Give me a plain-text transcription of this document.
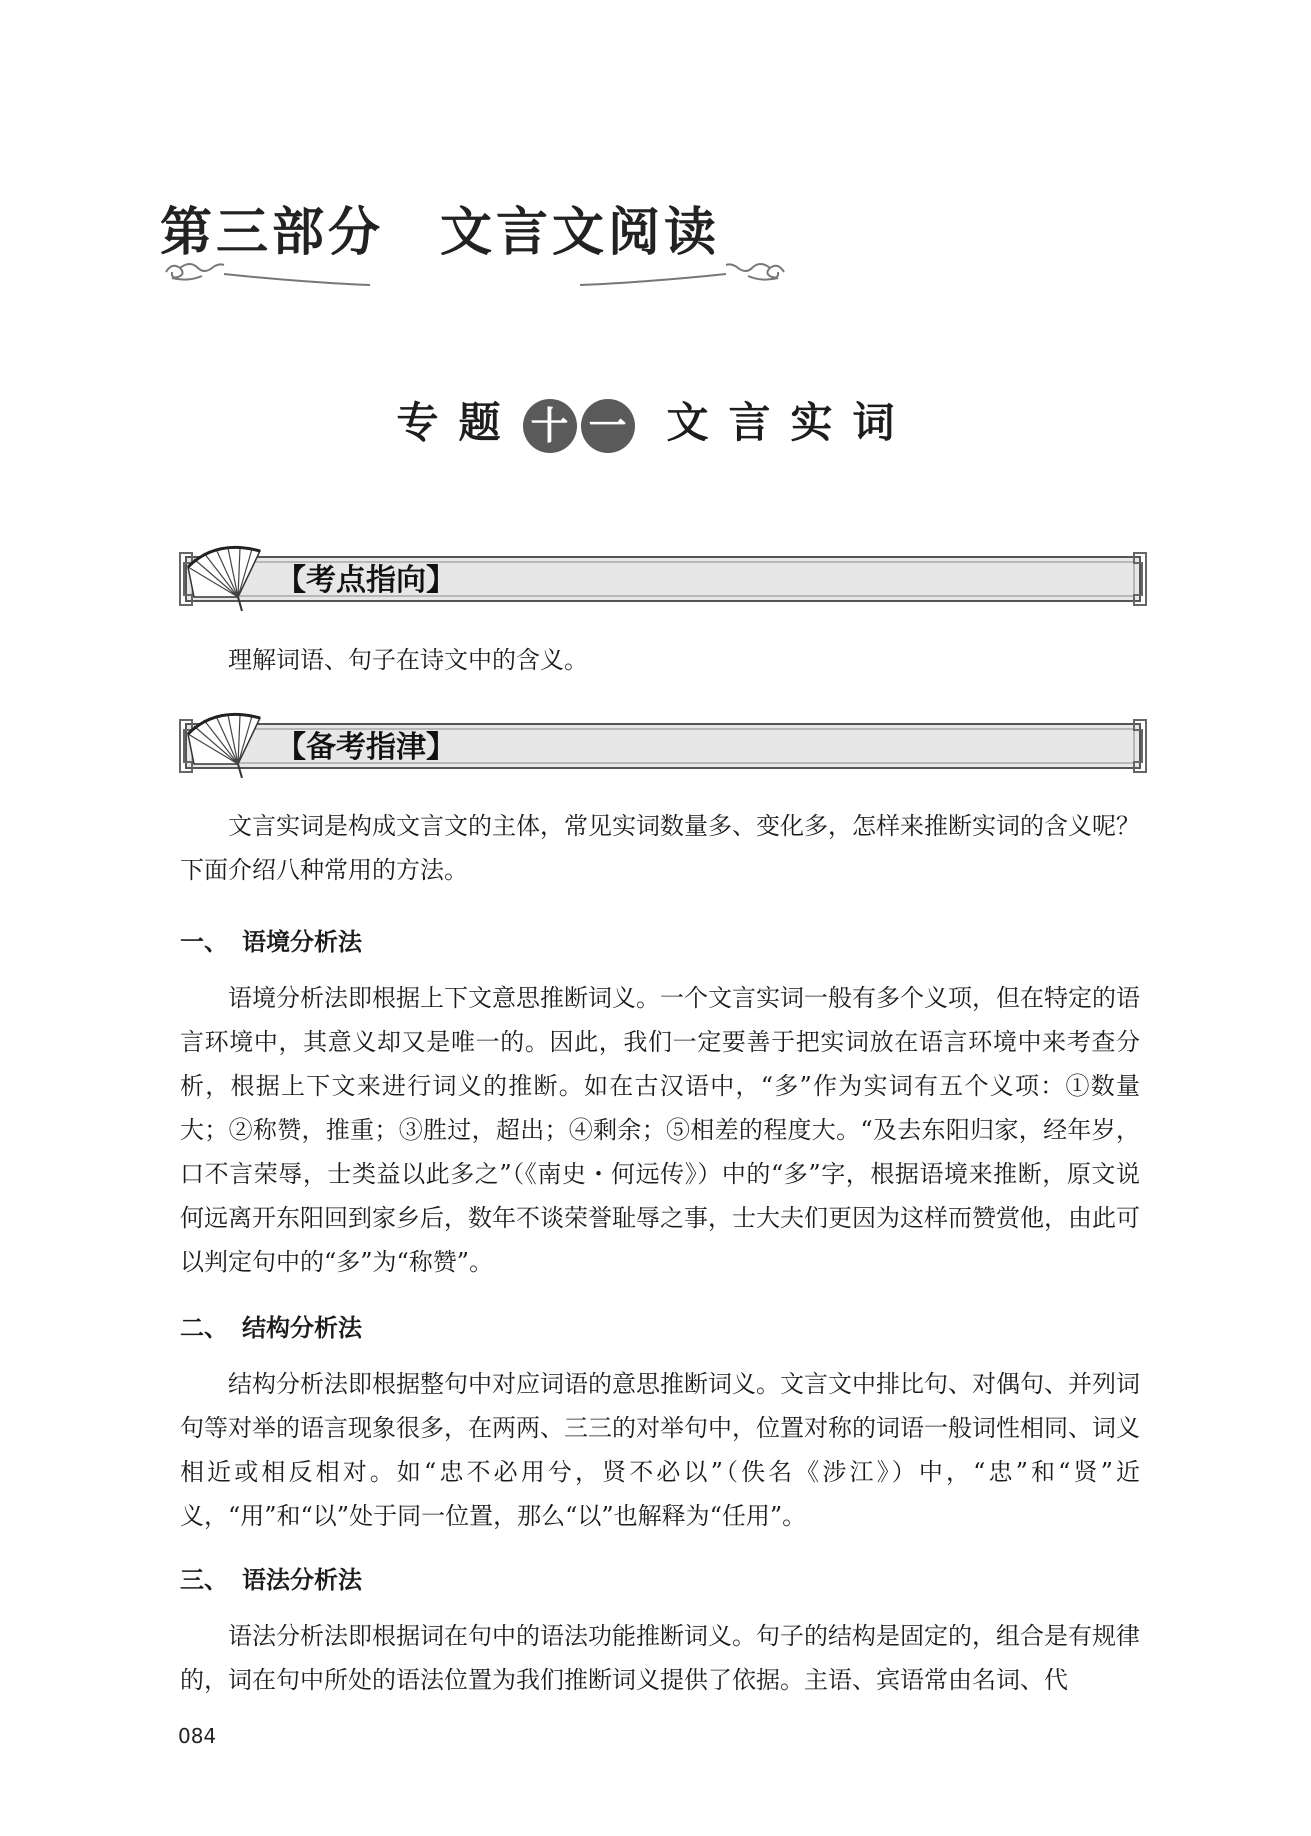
第三部分　文言文阅读
专题 十 一 文言实词
【考点指向】

理解词语、句子在诗文中的含义。

【备考指津】

文言实词是构成文言文的主体，常见实词数量多、变化多，怎样来推断实词的含义呢？下面介绍八种常用的方法。

一、 语境分析法

语境分析法即根据上下文意思推断词义。一个文言实词一般有多个义项，但在特定的语言环境中，其意义却又是唯一的。因此，我们一定要善于把实词放在语言环境中来考查分析，根据上下文来进行词义的推断。如在古汉语中，“多”作为实词有五个义项：①数量大；②称赞，推重；③胜过，超出；④剩余；⑤相差的程度大。“及去东阳归家，经年岁，口不言荣辱，士类益以此多之”（《南史・何远传》）中的“多”字，根据语境来推断，原文说何远离开东阳回到家乡后，数年不谈荣誉耻辱之事，士大夫们更因为这样而赞赏他，由此可以判定句中的“多”为“称赞”。

二、 结构分析法

结构分析法即根据整句中对应词语的意思推断词义。文言文中排比句、对偶句、并列词句等对举的语言现象很多，在两两、三三的对举句中，位置对称的词语一般词性相同、词义相近或相反相对。如“忠不必用兮，贤不必以”（佚名《涉江》）中，“忠”和“贤”近义，“用”和“以”处于同一位置，那么“以”也解释为“任用”。

三、 语法分析法

语法分析法即根据词在句中的语法功能推断词义。句子的结构是固定的，组合是有规律的，词在句中所处的语法位置为我们推断词义提供了依据。主语、宾语常由名词、代

084
